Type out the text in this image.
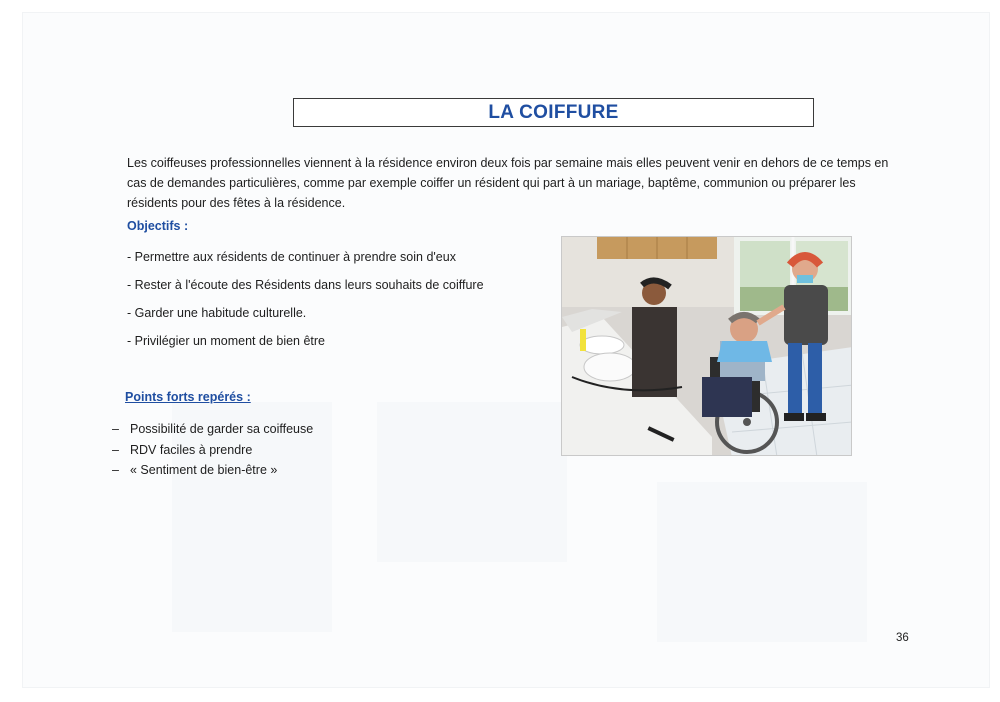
LA COIFFURE

Les coiffeuses professionnelles viennent à la résidence environ deux fois par semaine mais elles peuvent venir en dehors de ce temps en cas de demandes particulières, comme par exemple coiffer un résident qui part à un mariage, baptême, communion ou préparer les résidents pour des fêtes à la résidence.

Objectifs :
- Permettre aux résidents de continuer à prendre soin d'eux
- Rester à l'écoute des Résidents dans leurs souhaits de coiffure
- Garder une habitude culturelle.
- Privilégier un moment de bien être
Points forts repérés :
– Possibilité de garder sa coiffeuse
– RDV faciles à prendre
– « Sentiment de bien-être »
36
